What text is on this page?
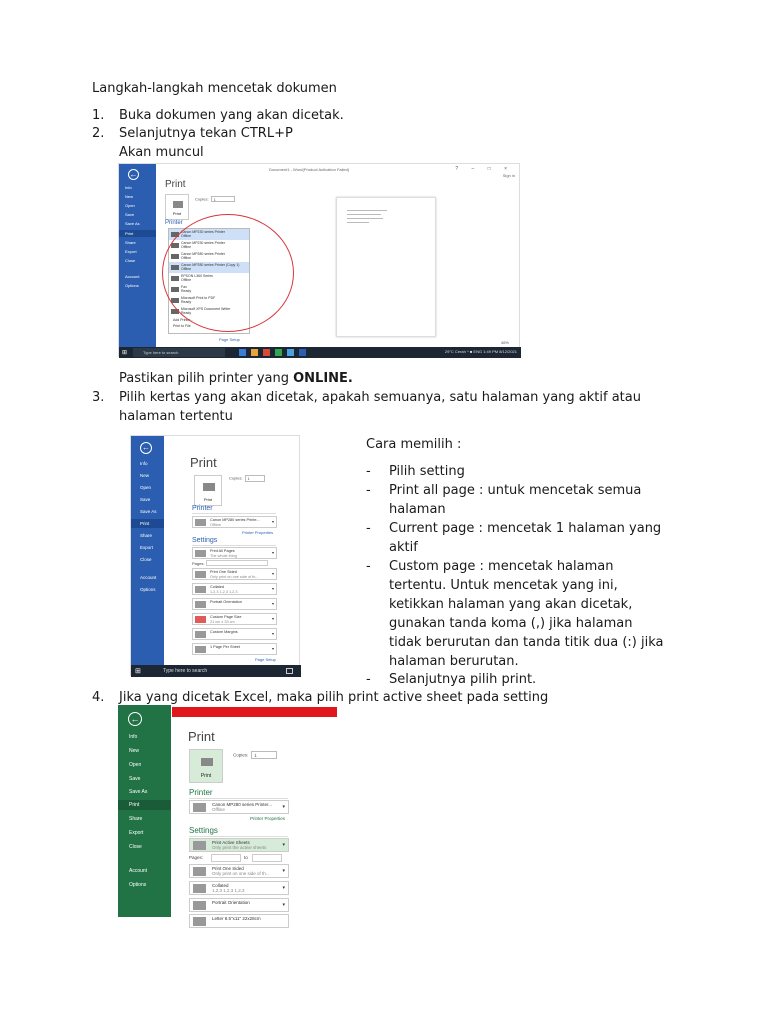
Langkah-langkah mencetak dokumen
1. Buka dokumen yang akan dicetak.
2. Selanjutnya tekan CTRL+P
Akan muncul
←
Info
New
Open
Save
Save As
Print
Share
Export
Close
Account
Options
Document1 - Word(Product Activation Failed)	? – □ ×
Sign in
Print
Print
Copies: 1
Printer
Canon MP230 series Printer
Offline
Canon MP230 series Printer
Offline
Canon MP280 series Printer
Offline
Canon MP280 series Printer (Copy 1)
Offline
EPSON L360 Series
Offline
Fax
Ready
Microsoft Print to PDF
Ready
Microsoft XPS Document Writer
Ready
Add Printer...
Print to File
Page Setup
46%
⊞	Type here to search	29°C Cerah ^ ■ ENG 1:49 PM 8/12/2021
Pastikan pilih printer yang ONLINE.
3. Pilih kertas yang akan dicetak, apakah semuanya, satu halaman yang aktif atau
halaman tertentu
←
Info
New
Open
Save
Save As
Print
Share
Export
Close
Account
Options
Print
Print
Copies: 1
Printer
Canon MP280 series Printe...
Offline
▾
Printer Properties
Settings
Print All Pages
The whole thing
▾
Pages:
Print One Sided
Only print on one side of th...
▾
Collated
1,2,3 1,2,3 1,2,3
▾
Portrait Orientation	▾
Custom Page Size
21 cm x 33 cm
▾
Custom Margins	▾
1 Page Per Sheet	▾
Page Setup
⊞	Type here to search
Cara memilih :
- Pilih setting
- Print all page : untuk mencetak semua
halaman
- Current page : mencetak 1 halaman yang
aktif
- Custom page : mencetak halaman
tertentu. Untuk mencetak yang ini,
ketikkan halaman yang akan dicetak,
gunakan tanda koma (,) jika halaman
tidak berurutan dan tanda titik dua (:) jika
halaman berurutan.
- Selanjutnya pilih print.
4. Jika yang dicetak Excel, maka pilih print active sheet pada setting
←
Info
New
Open
Save
Save As
Print
Share
Export
Close
Account
Options
Print
Print
Copies: 1
Printer
Canon MP280 series Printer...
Offline	▾
Printer Properties
Settings
Print Active Sheets
Only print the active sheets	▾
Pages:	to
Print One Sided
Only print on one side of th...	▾
Collated
1,2,3 1,2,3 1,2,3	▾
Portrait Orientation	▾
Letter 8.5"x11" 22x28cm
